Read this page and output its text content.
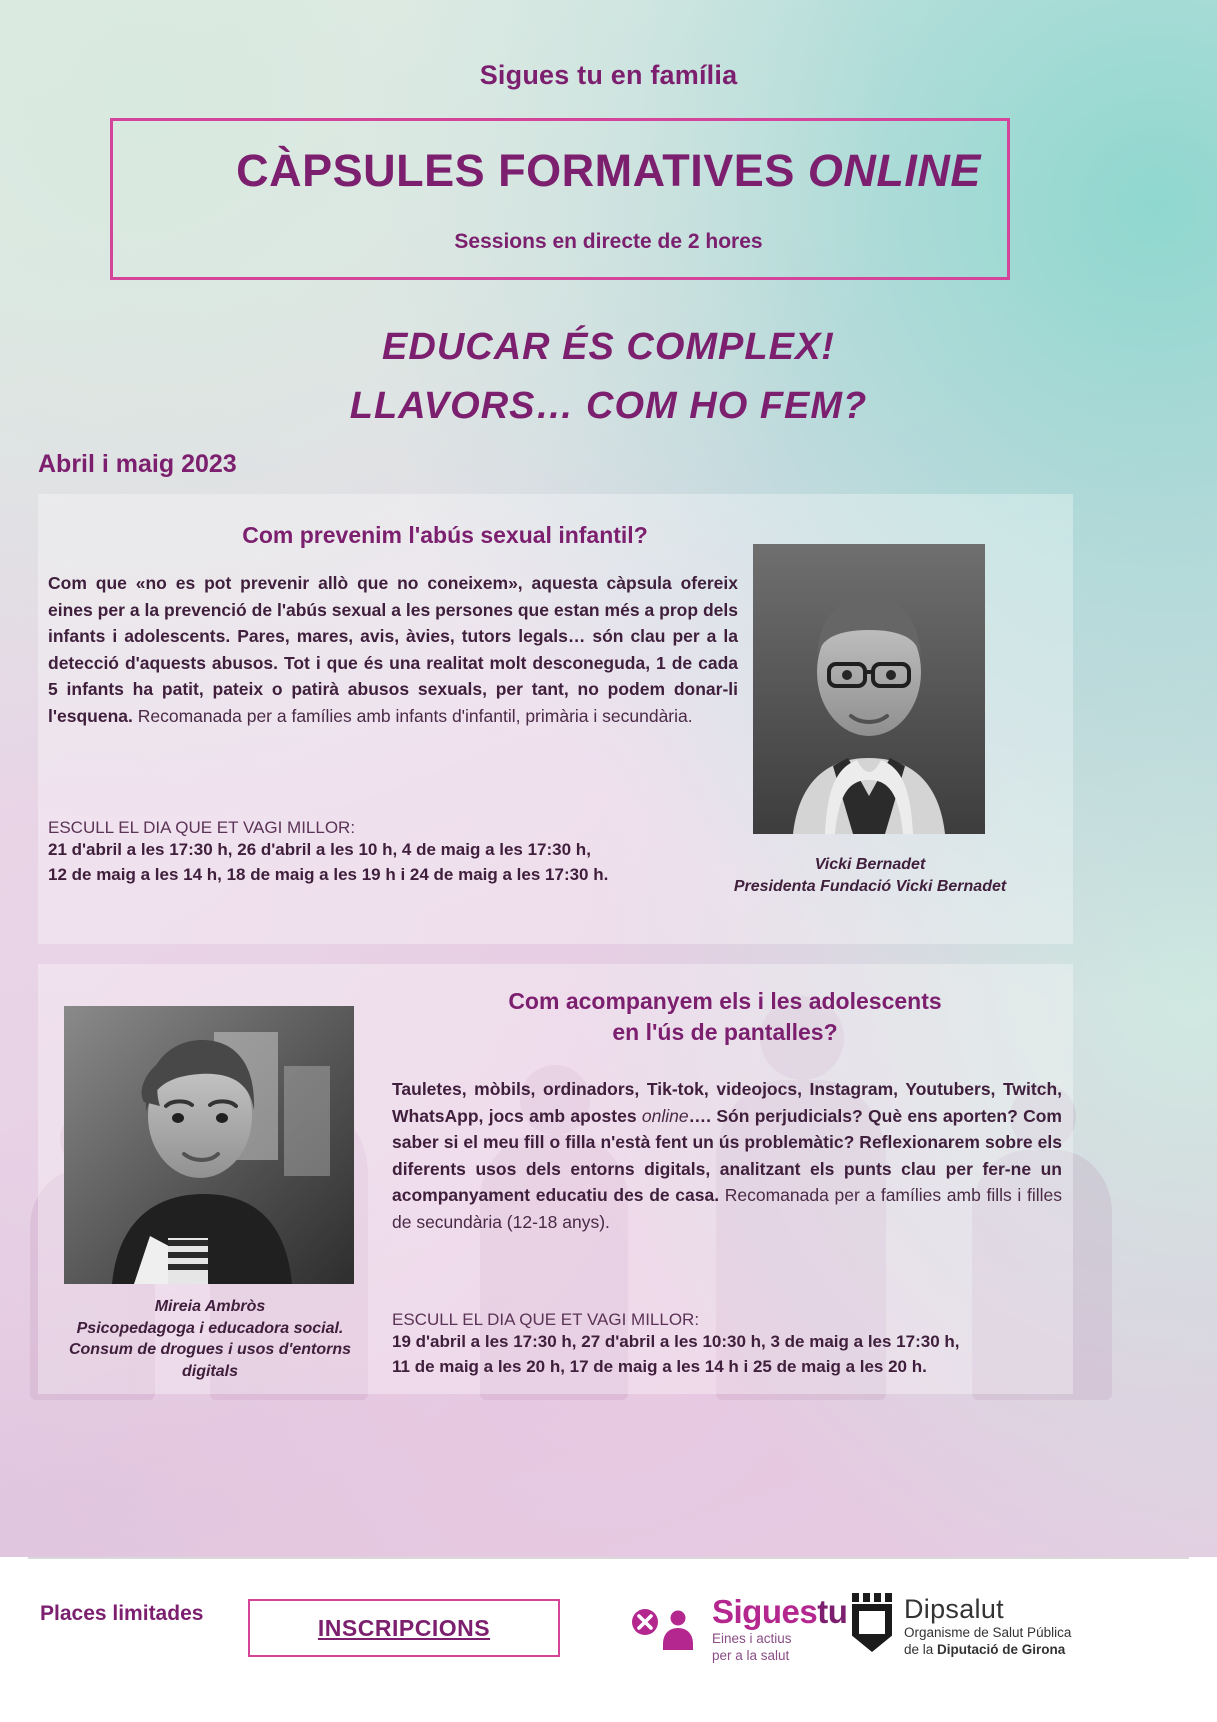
Sigues tu en família
CÀPSULES FORMATIVES ONLINE
Sessions en directe de 2 hores
EDUCAR ÉS COMPLEX!
LLAVORS… COM HO FEM?
Abril i maig 2023
Com prevenim l'abús sexual infantil?
Com que «no es pot prevenir allò que no coneixem», aquesta càpsula ofereix eines per a la prevenció de l'abús sexual a les persones que estan més a prop dels infants i adolescents. Pares, mares, avis, àvies, tutors legals… són clau per a la detecció d'aquests abusos. Tot i que és una realitat molt desconeguda, 1 de cada 5 infants ha patit, pateix o patirà abusos sexuals, per tant, no podem donar-li l'esquena. Recomanada per a famílies amb infants d'infantil, primària i secundària.
ESCULL EL DIA QUE ET VAGI MILLOR:
21 d'abril a les 17:30 h, 26 d'abril a les 10 h, 4 de maig a les 17:30 h,
12 de maig a les 14 h, 18 de maig a les 19 h i 24 de maig a les 17:30 h.
Vicki Bernadet
Presidenta Fundació Vicki Bernadet
Com acompanyem els i les adolescents
en l'ús de pantalles?
Tauletes, mòbils, ordinadors, Tik-tok, videojocs, Instagram, Youtubers, Twitch, WhatsApp, jocs amb apostes online…. Són perjudicials? Què ens aporten? Com saber si el meu fill o filla n'està fent un ús problemàtic? Reflexionarem sobre els diferents usos dels entorns digitals, analitzant els punts clau per fer-ne un acompanyament educatiu des de casa. Recomanada per a famílies amb fills i filles de secundària (12-18 anys).
ESCULL EL DIA QUE ET VAGI MILLOR:
19 d'abril a les 17:30 h, 27 d'abril a les 10:30 h, 3 de maig a les 17:30 h,
11 de maig a les 20 h, 17 de maig a les 14 h i 25 de maig a les 20 h.
Mireia Ambròs
Psicopedagoga i educadora social.
Consum de drogues i usos d'entorns
digitals
Places limitades
INSCRIPCIONS	Siguestu
Eines i actius
per a la salut
Dipsalut
Organisme de Salut Pública
de la Diputació de Girona
